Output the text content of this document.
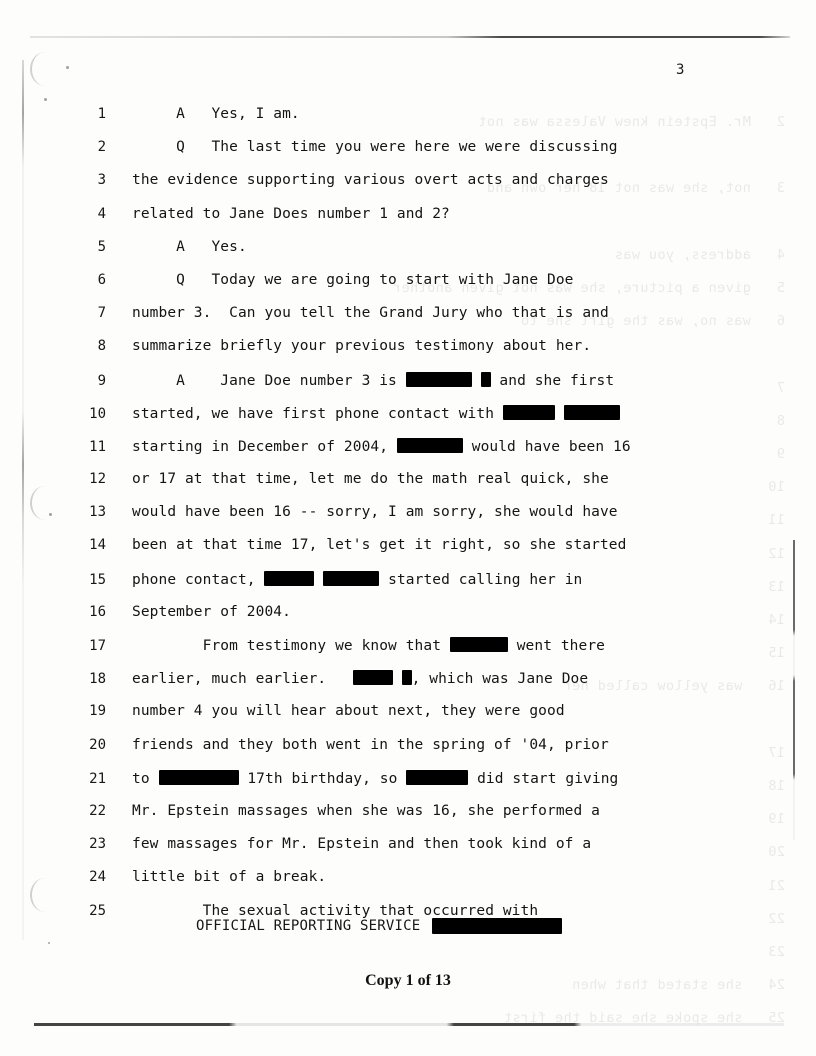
2   Mr. Epstein knew Valessa was not

3   not, she was not 18 her own and

4   address, you was
5   given a picture, she was not given another
6   was no, was the girl she to

7
8
9
10
11
12
13
14
15
16   was yellow called her

17
18
19
20
21
22
23
24   she stated that when
25   she spoke she said the first
3
1 A   Yes, I am.
2 Q   The last time you were here we were discussing
3 the evidence supporting various overt acts and charges
4 related to Jane Does number 1 and 2?
5 A   Yes.
6 Q   Today we are going to start with Jane Doe
7 number 3.  Can you tell the Grand Jury who that is and
8 summarize briefly your previous testimony about her.
9 A    Jane Doe number 3 is	and she first
10 started, we have first phone contact with
11 starting in December of 2004,	would have been 16
12 or 17 at that time, let me do the math real quick, she
13 would have been 16 -- sorry, I am sorry, she would have
14 been at that time 17, let's get it right, so she started
15 phone contact,	started calling her in
16 September of 2004.
17 From testimony we know that	went there
18 earlier, much earlier.	, which was Jane Doe
19 number 4 you will hear about next, they were good
20 friends and they both went in the spring of '04, prior
21 to	17th birthday, so	did start giving
22 Mr. Epstein massages when she was 16, she performed a
23 few massages for Mr. Epstein and then took kind of a
24 little bit of a break.
25 The sexual activity that occurred with
OFFICIAL REPORTING SERVICE
Copy 1 of 13
